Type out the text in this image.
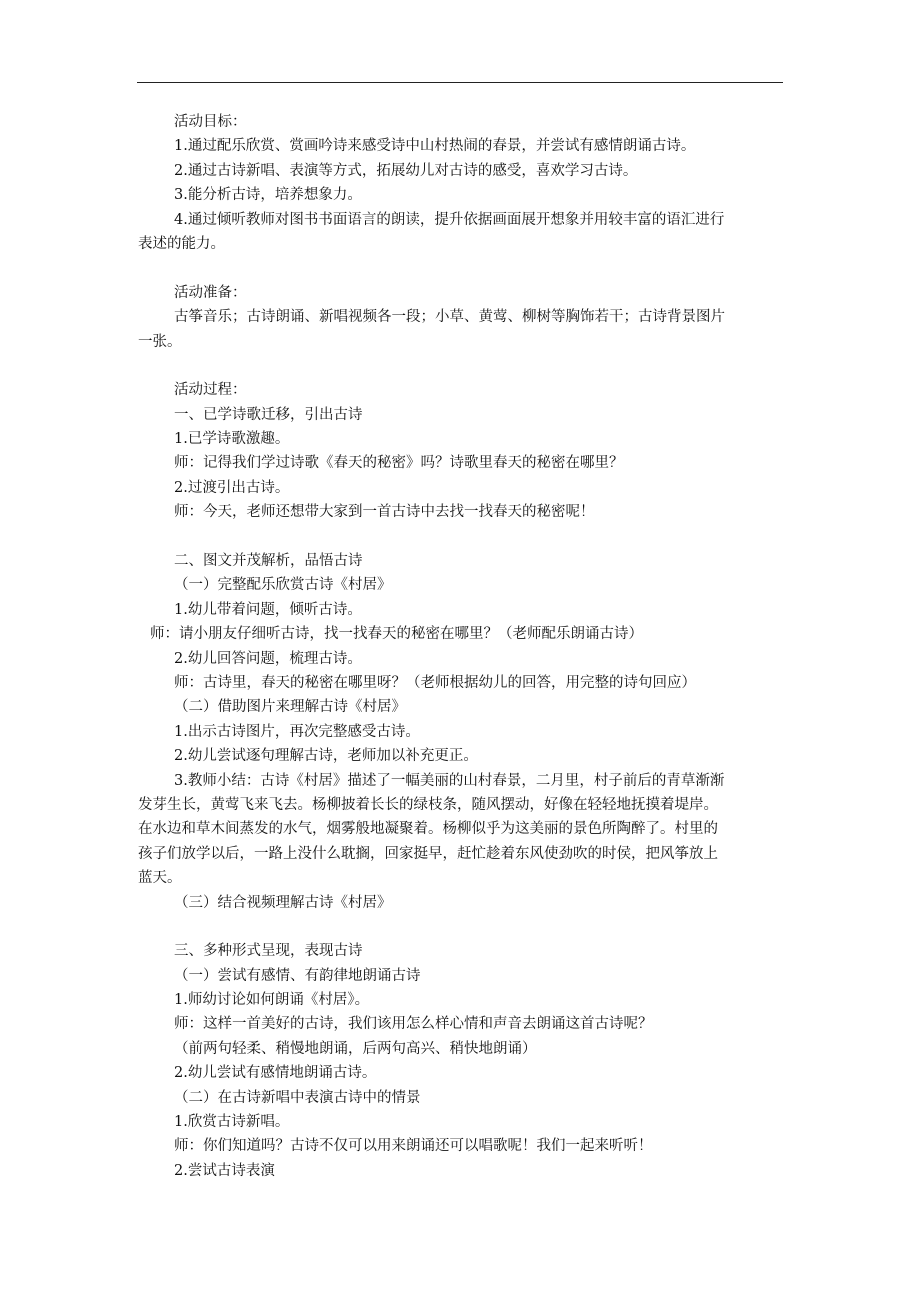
活动目标：
1.通过配乐欣赏、赏画吟诗来感受诗中山村热闹的春景，并尝试有感情朗诵古诗。
2.通过古诗新唱、表演等方式，拓展幼儿对古诗的感受，喜欢学习古诗。
3.能分析古诗，培养想象力。
4.通过倾听教师对图书书面语言的朗读，提升依据画面展开想象并用较丰富的语汇进行
表述的能力。
活动准备：
古筝音乐；古诗朗诵、新唱视频各一段；小草、黄莺、柳树等胸饰若干；古诗背景图片
一张。
活动过程：
一、已学诗歌迁移，引出古诗
1.已学诗歌激趣。
师：记得我们学过诗歌《春天的秘密》吗？诗歌里春天的秘密在哪里？
2.过渡引出古诗。
师：今天，老师还想带大家到一首古诗中去找一找春天的秘密呢！
二、图文并茂解析，品悟古诗
（一）完整配乐欣赏古诗《村居》
1.幼儿带着问题，倾听古诗。
师：请小朋友仔细听古诗，找一找春天的秘密在哪里？（老师配乐朗诵古诗）
2.幼儿回答问题，梳理古诗。
师：古诗里，春天的秘密在哪里呀？（老师根据幼儿的回答，用完整的诗句回应）
（二）借助图片来理解古诗《村居》
1.出示古诗图片，再次完整感受古诗。
2.幼儿尝试逐句理解古诗，老师加以补充更正。
3.教师小结：古诗《村居》描述了一幅美丽的山村春景，二月里，村子前后的青草渐渐
发芽生长，黄莺飞来飞去。杨柳披着长长的绿枝条，随风摆动，好像在轻轻地抚摸着堤岸。
在水边和草木间蒸发的水气，烟雾般地凝聚着。杨柳似乎为这美丽的景色所陶醉了。村里的
孩子们放学以后，一路上没什么耽搁，回家挺早，赶忙趁着东风使劲吹的时侯，把风筝放上
蓝天。
（三）结合视频理解古诗《村居》
三、多种形式呈现，表现古诗
（一）尝试有感情、有韵律地朗诵古诗
1.师幼讨论如何朗诵《村居》。
师：这样一首美好的古诗，我们该用怎么样心情和声音去朗诵这首古诗呢？
（前两句轻柔、稍慢地朗诵，后两句高兴、稍快地朗诵）
2.幼儿尝试有感情地朗诵古诗。
（二）在古诗新唱中表演古诗中的情景
1.欣赏古诗新唱。
师：你们知道吗？古诗不仅可以用来朗诵还可以唱歌呢！我们一起来听听！
2.尝试古诗表演
